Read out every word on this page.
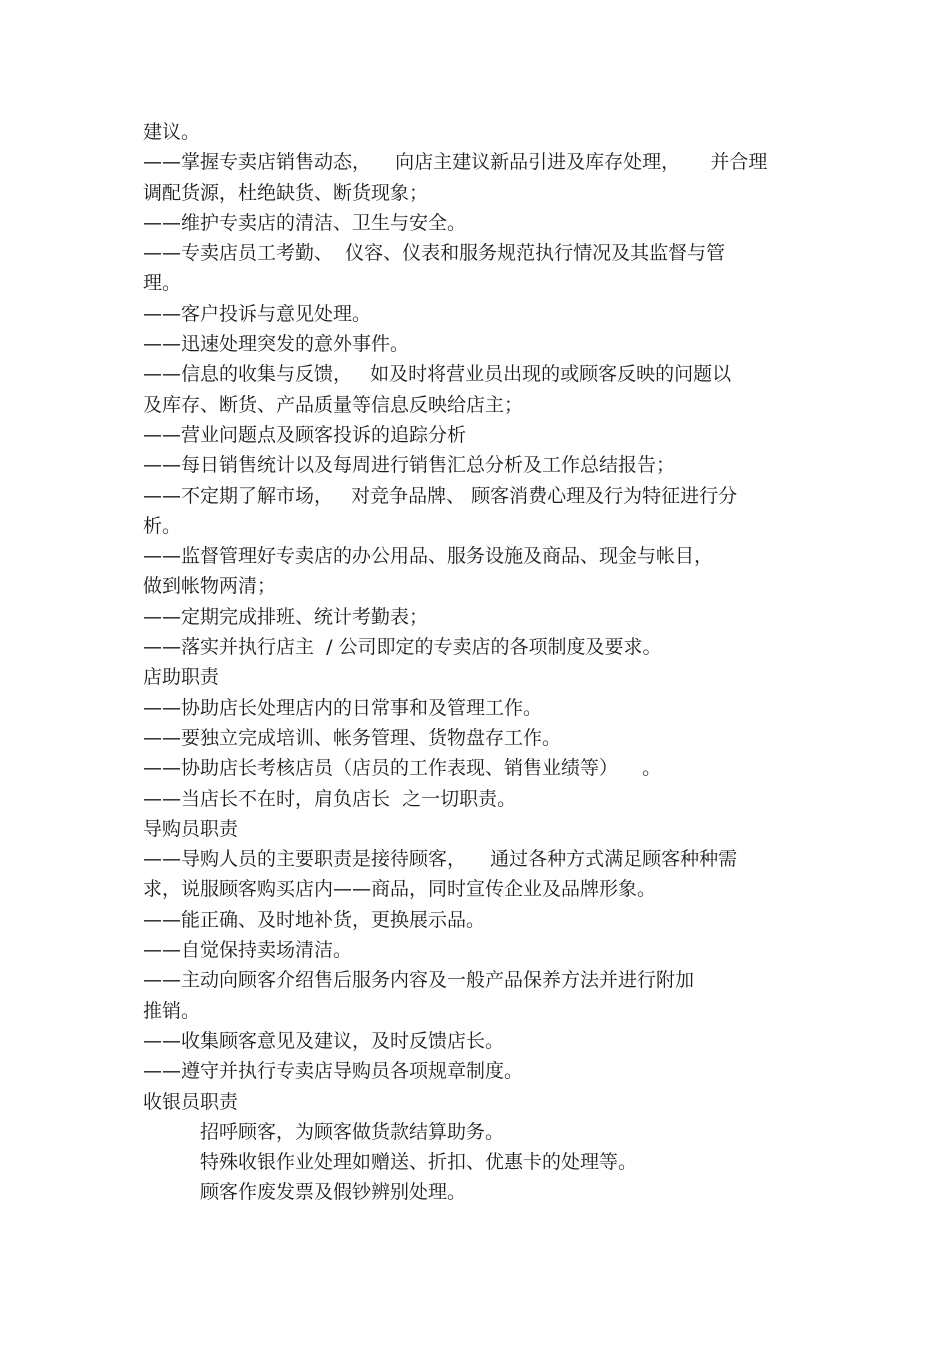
建议。
——掌握专卖店销售动态，    向店主建议新品引进及库存处理，     并合理
调配货源，杜绝缺货、断货现象；
——维护专卖店的清洁、卫生与安全。
——专卖店员工考勤、  仪容、仪表和服务规范执行情况及其监督与管
理。
——客户投诉与意见处理。
——迅速处理突发的意外事件。
——信息的收集与反馈，   如及时将营业员出现的或顾客反映的问题以
及库存、断货、产品质量等信息反映给店主；
——营业问题点及顾客投诉的追踪分析
——每日销售统计以及每周进行销售汇总分析及工作总结报告；
——不定期了解市场，   对竞争品牌、 顾客消费心理及行为特征进行分
析。
——监督管理好专卖店的办公用品、服务设施及商品、现金与帐目，
做到帐物两清；
——定期完成排班、统计考勤表；
——落实并执行店主  / 公司即定的专卖店的各项制度及要求。
店助职责
——协助店长处理店内的日常事和及管理工作。
——要独立完成培训、帐务管理、货物盘存工作。
——协助店长考核店员（店员的工作表现、销售业绩等）    。
——当店长不在时，肩负店长  之一切职责。
导购员职责
——导购人员的主要职责是接待顾客，    通过各种方式满足顾客种种需
求，说服顾客购买店内——商品，同时宣传企业及品牌形象。
——能正确、及时地补货，更换展示品。
——自觉保持卖场清洁。
——主动向顾客介绍售后服务内容及一般产品保养方法并进行附加
推销。
——收集顾客意见及建议，及时反馈店长。
——遵守并执行专卖店导购员各项规章制度。
收银员职责
招呼顾客，为顾客做货款结算助务。
特殊收银作业处理如赠送、折扣、优惠卡的处理等。
顾客作废发票及假钞辨别处理。
